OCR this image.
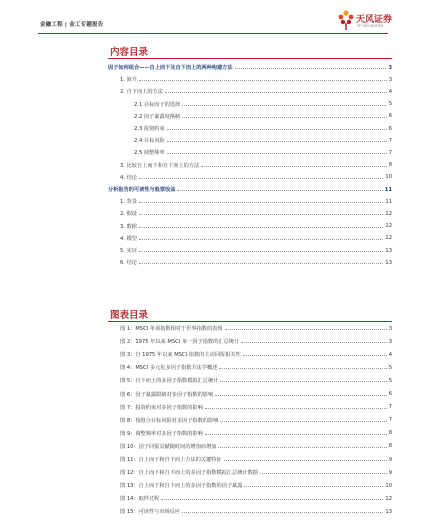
金融工程 | 金工专题报告	天风证券
TF SECURITIES
内容目录
因子如何组合——自上而下及自下而上的两种构建方法	3
1. 简介	3
2. 自下而上的方法	4
2.1 目标因子的选择	5
2.2 因子暴露度换制	6
2.3 投资约束	6
2.4 目标风险	7
2.5 调整频率	7
3. 比较自上而下和自下而上的方法	8
4. 结论	10
分析报告的可读性与股票收益	11
1. 背景	11
2. 假设	12
3. 数据	12
4. 模型	12
5. 实证	13
6. 结论	13
图表目录
图 1：MSCI 单项指数相对于世界指数的表现	3
图 2：1975 年以来 MSCI 单一因子指数的汇总统计	3
图 3：自 1975 年以来 MSCI 指数的主动回报相关性	4
图 4：MSCI 多元化多因子指数方法学概述	5
图 5：自下而上的多因子指数模拟汇总统计	5
图 6：因子暴露限制对多因子指数的影响	6
图 7：投资约束对多因子指数的影响	7
图 8：按组合目标风险对多因子指数的影响	7
图 9：调整频率对多因子指数的影响	8
图 10：因子回报贡献随时间的增加而增加	8
图 11：自上而下和自下而上方法的关键特征	9
图 12：自上而下和自下而上的多因子指数模拟汇总统计数据	9
图 13：自上而下和自下而上的多因子指数的因子暴露	10
图 14：取样过程	12
图 15：可读性与市场反应	13
